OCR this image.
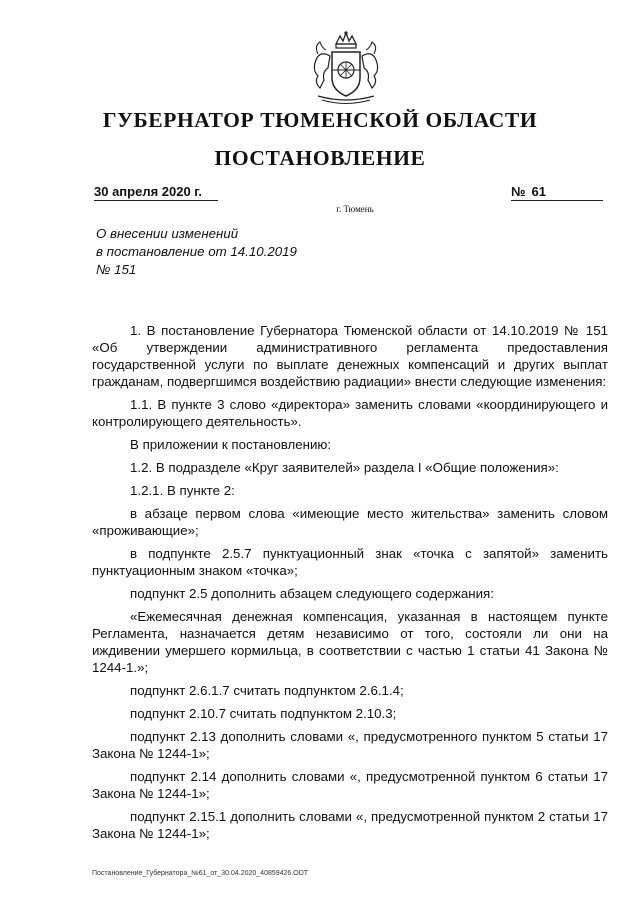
ГУБЕРНАТОР ТЮМЕНСКОЙ ОБЛАСТИ
ПОСТАНОВЛЕНИЕ
30 апреля 2020 г.	№ 61
г. Тюмень
О внесении изменений
в постановление от 14.10.2019
№ 151

1. В постановление Губернатора Тюменской области от 14.10.2019 № 151 «Об утверждении административного регламента предоставления государственной услуги по выплате денежных компенсаций и других выплат гражданам, подвергшимся воздействию радиации» внести следующие изменения:

1.1. В пункте 3 слово «директора» заменить словами «координирующего и контролирующего деятельность».

В приложении к постановлению:

1.2. В подразделе «Круг заявителей» раздела I «Общие положения»:

1.2.1. В пункте 2:

в абзаце первом слова «имеющие место жительства» заменить словом «проживающие»;

в подпункте 2.5.7 пунктуационный знак «точка с запятой» заменить пунктуационным знаком «точка»;

подпункт 2.5 дополнить абзацем следующего содержания:

«Ежемесячная денежная компенсация, указанная в настоящем пункте Регламента, назначается детям независимо от того, состояли ли они на иждивении умершего кормильца, в соответствии с частью 1 статьи 41 Закона № 1244-1.»;

подпункт 2.6.1.7 считать подпунктом 2.6.1.4;

подпункт 2.10.7 считать подпунктом 2.10.3;

подпункт 2.13 дополнить словами «, предусмотренного пунктом 5 статьи 17 Закона № 1244-1»;

подпункт 2.14 дополнить словами «, предусмотренной пунктом 6 статьи 17 Закона № 1244-1»;

подпункт 2.15.1 дополнить словами «, предусмотренной пунктом 2 статьи 17 Закона № 1244-1»;

Постановление_Губернатора_№61_от_30.04.2020_40859426.ODT
